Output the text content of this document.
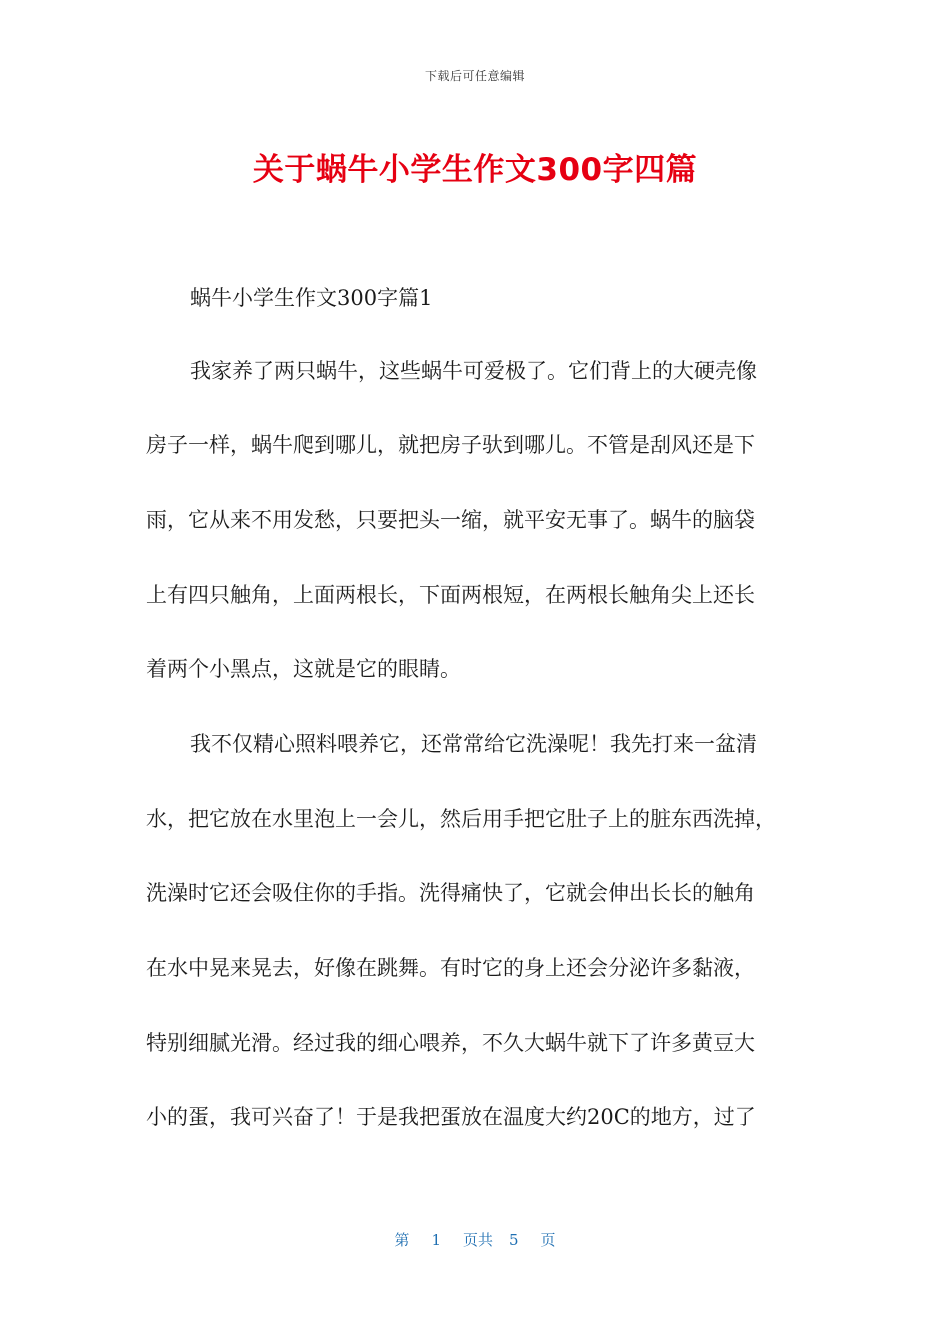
下载后可任意编辑
关于蜗牛小学生作文300字四篇
蜗牛小学生作文300字篇1
我家养了两只蜗牛，这些蜗牛可爱极了。它们背上的大硬壳像
房子一样，蜗牛爬到哪儿，就把房子驮到哪儿。不管是刮风还是下
雨，它从来不用发愁，只要把头一缩，就平安无事了。蜗牛的脑袋
上有四只触角，上面两根长，下面两根短，在两根长触角尖上还长
着两个小黑点，这就是它的眼睛。
我不仅精心照料喂养它，还常常给它洗澡呢！我先打来一盆清
水，把它放在水里泡上一会儿，然后用手把它肚子上的脏东西洗掉，
洗澡时它还会吸住你的手指。洗得痛快了，它就会伸出长长的触角
在水中晃来晃去，好像在跳舞。有时它的身上还会分泌许多黏液，
特别细腻光滑。经过我的细心喂养，不久大蜗牛就下了许多黄豆大
小的蛋，我可兴奋了！于是我把蛋放在温度大约20C的地方，过了
第 1 页共 5 页
